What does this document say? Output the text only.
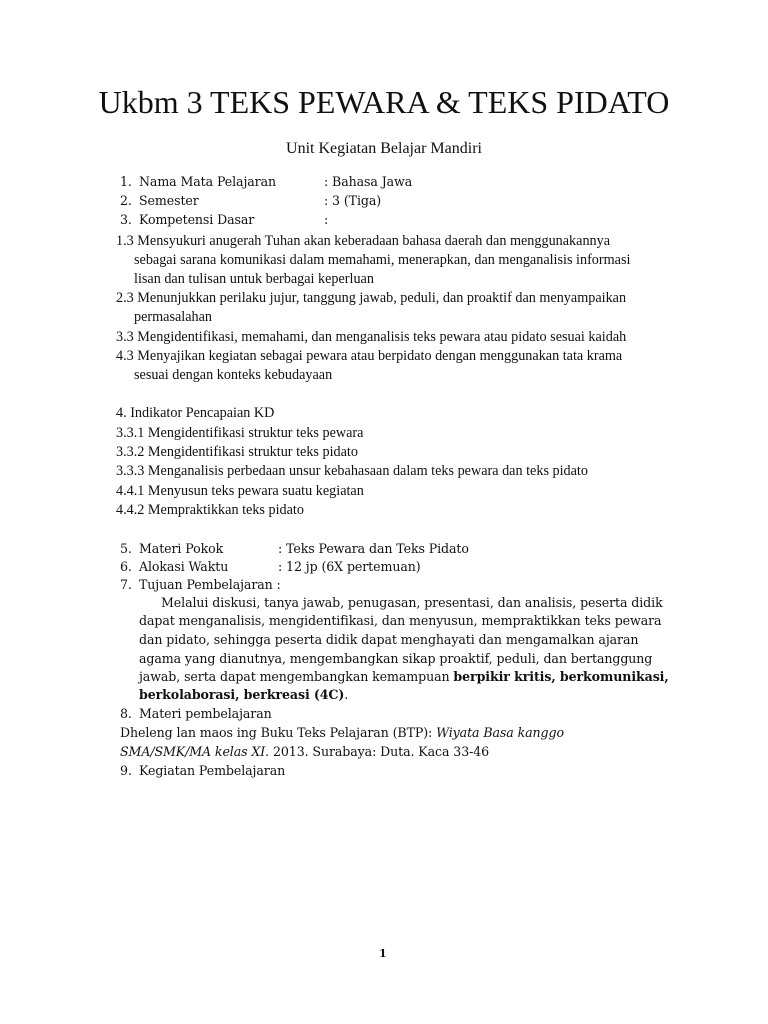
Ukbm 3 TEKS PEWARA & TEKS PIDATO
Unit Kegiatan Belajar Mandiri
1. Nama Mata Pelajaran	: Bahasa Jawa
2. Semester	: 3 (Tiga)
3. Kompetensi Dasar	:
1.3 Mensyukuri anugerah Tuhan akan keberadaan bahasa daerah dan menggunakannya
sebagai sarana komunikasi dalam memahami, menerapkan, dan menganalisis informasi
lisan dan tulisan untuk berbagai keperluan
2.3 Menunjukkan perilaku jujur, tanggung jawab, peduli, dan proaktif dan menyampaikan
permasalahan
3.3 Mengidentifikasi, memahami, dan menganalisis teks pewara atau pidato sesuai kaidah
4.3 Menyajikan kegiatan sebagai pewara atau berpidato dengan menggunakan tata krama
sesuai dengan konteks kebudayaan
4. Indikator Pencapaian KD
3.3.1 Mengidentifikasi struktur teks pewara
3.3.2 Mengidentifikasi struktur teks pidato
3.3.3 Menganalisis perbedaan unsur kebahasaan dalam teks pewara dan teks pidato
4.4.1 Menyusun teks pewara suatu kegiatan
4.4.2 Mempraktikkan teks pidato
5. Materi Pokok	: Teks Pewara dan Teks Pidato
6. Alokasi Waktu	: 12 jp (6X pertemuan)
7. Tujuan Pembelajaran :
Melalui diskusi, tanya jawab, penugasan, presentasi, dan analisis, peserta didik
dapat menganalisis, mengidentifikasi, dan menyusun, mempraktikkan teks pewara
dan pidato, sehingga peserta didik dapat menghayati dan mengamalkan ajaran
agama yang dianutnya, mengembangkan sikap proaktif, peduli, dan bertanggung
jawab, serta dapat mengembangkan kemampuan berpikir kritis, berkomunikasi,
berkolaborasi, berkreasi (4C).
8. Materi pembelajaran
Dheleng lan maos ing Buku Teks Pelajaran (BTP): Wiyata Basa kanggo
SMA/SMK/MA kelas XI. 2013. Surabaya: Duta. Kaca 33-46
9. Kegiatan Pembelajaran
1
